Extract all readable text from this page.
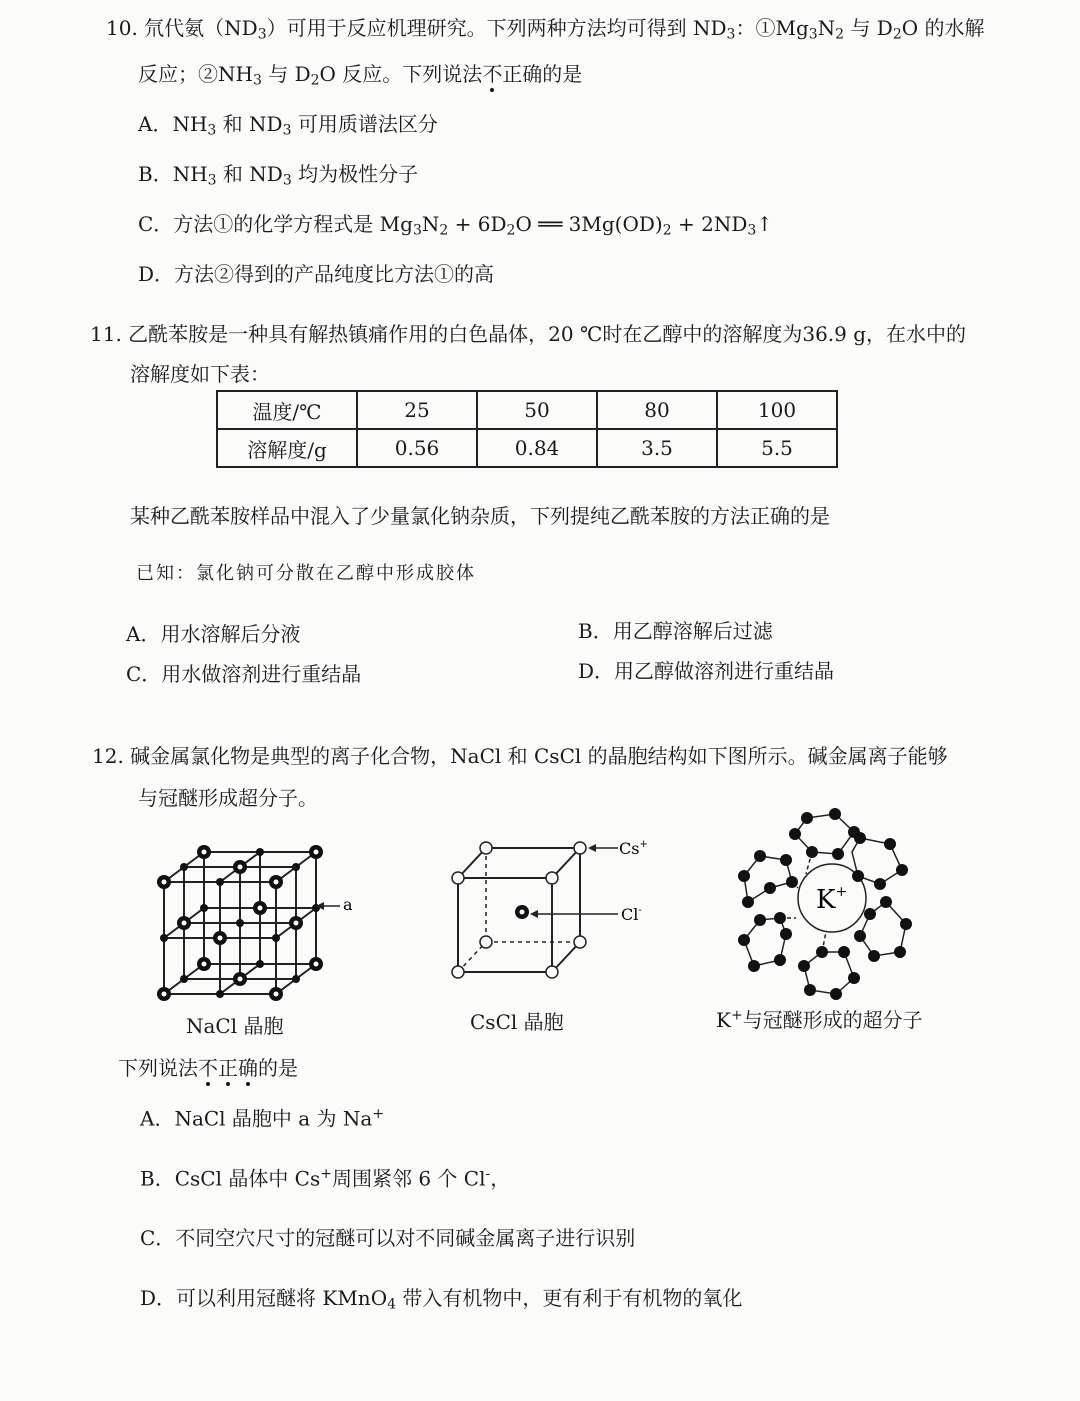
10. 氘代氨$(ND_3)$可用于反应机理研究。下列两种方法均可得到 $ND_3$：$①Mg_3N_2$ 与 $D_2O$ 的水解
反应；$②NH_3$ 与 $D_2O$ 反应。下列说法不正确的是
A．$NH_3$ 和 $ND_3$ 可用质谱法区分
B．$NH_3$ 和 $ND_3$ 均为极性分子
C．方法①的化学方程式是 $Mg_3N_2 + 6D_2O$ ══ $3Mg(OD)_2$ + $2ND_3↑$
D．方法②得到的产品纯度比方法①的高
11. 乙酰苯胺是一种具有解热镇痛作用的白色晶体，20 ℃时在乙醇中的溶解度为36.9 g，在水中的
溶解度如下表：
温度/℃	25	50	80	100
溶解度/g	0.56	0.84	3.5	5.5
某种乙酰苯胺样品中混入了少量氯化钠杂质，下列提纯乙酰苯胺的方法正确的是
已知：氯化钠可分散在乙醇中形成胶体
A．用水溶解后分液	B．用乙醇溶解后过滤
C．用水做溶剂进行重结晶	D．用乙醇做溶剂进行重结晶
12. 碱金属氯化物是典型的离子化合物，NaCl 和 CsCl 的晶胞结构如下图所示。碱金属离子能够
与冠醚形成超分子。
a
NaCl 晶胞
Cs+
Cl-
CsCl 晶胞
K+
K+与冠醚形成的超分子
下列说法不正确的是
A．NaCl 晶胞中 a 为 Na+
B．CsCl 晶体中 Cs+周围紧邻 6 个 Cl-，
C．不同空穴尺寸的冠醚可以对不同碱金属离子进行识别
D．可以利用冠醚将 KMnO$_4$ 带入有机物中，更有利于有机物的氧化
